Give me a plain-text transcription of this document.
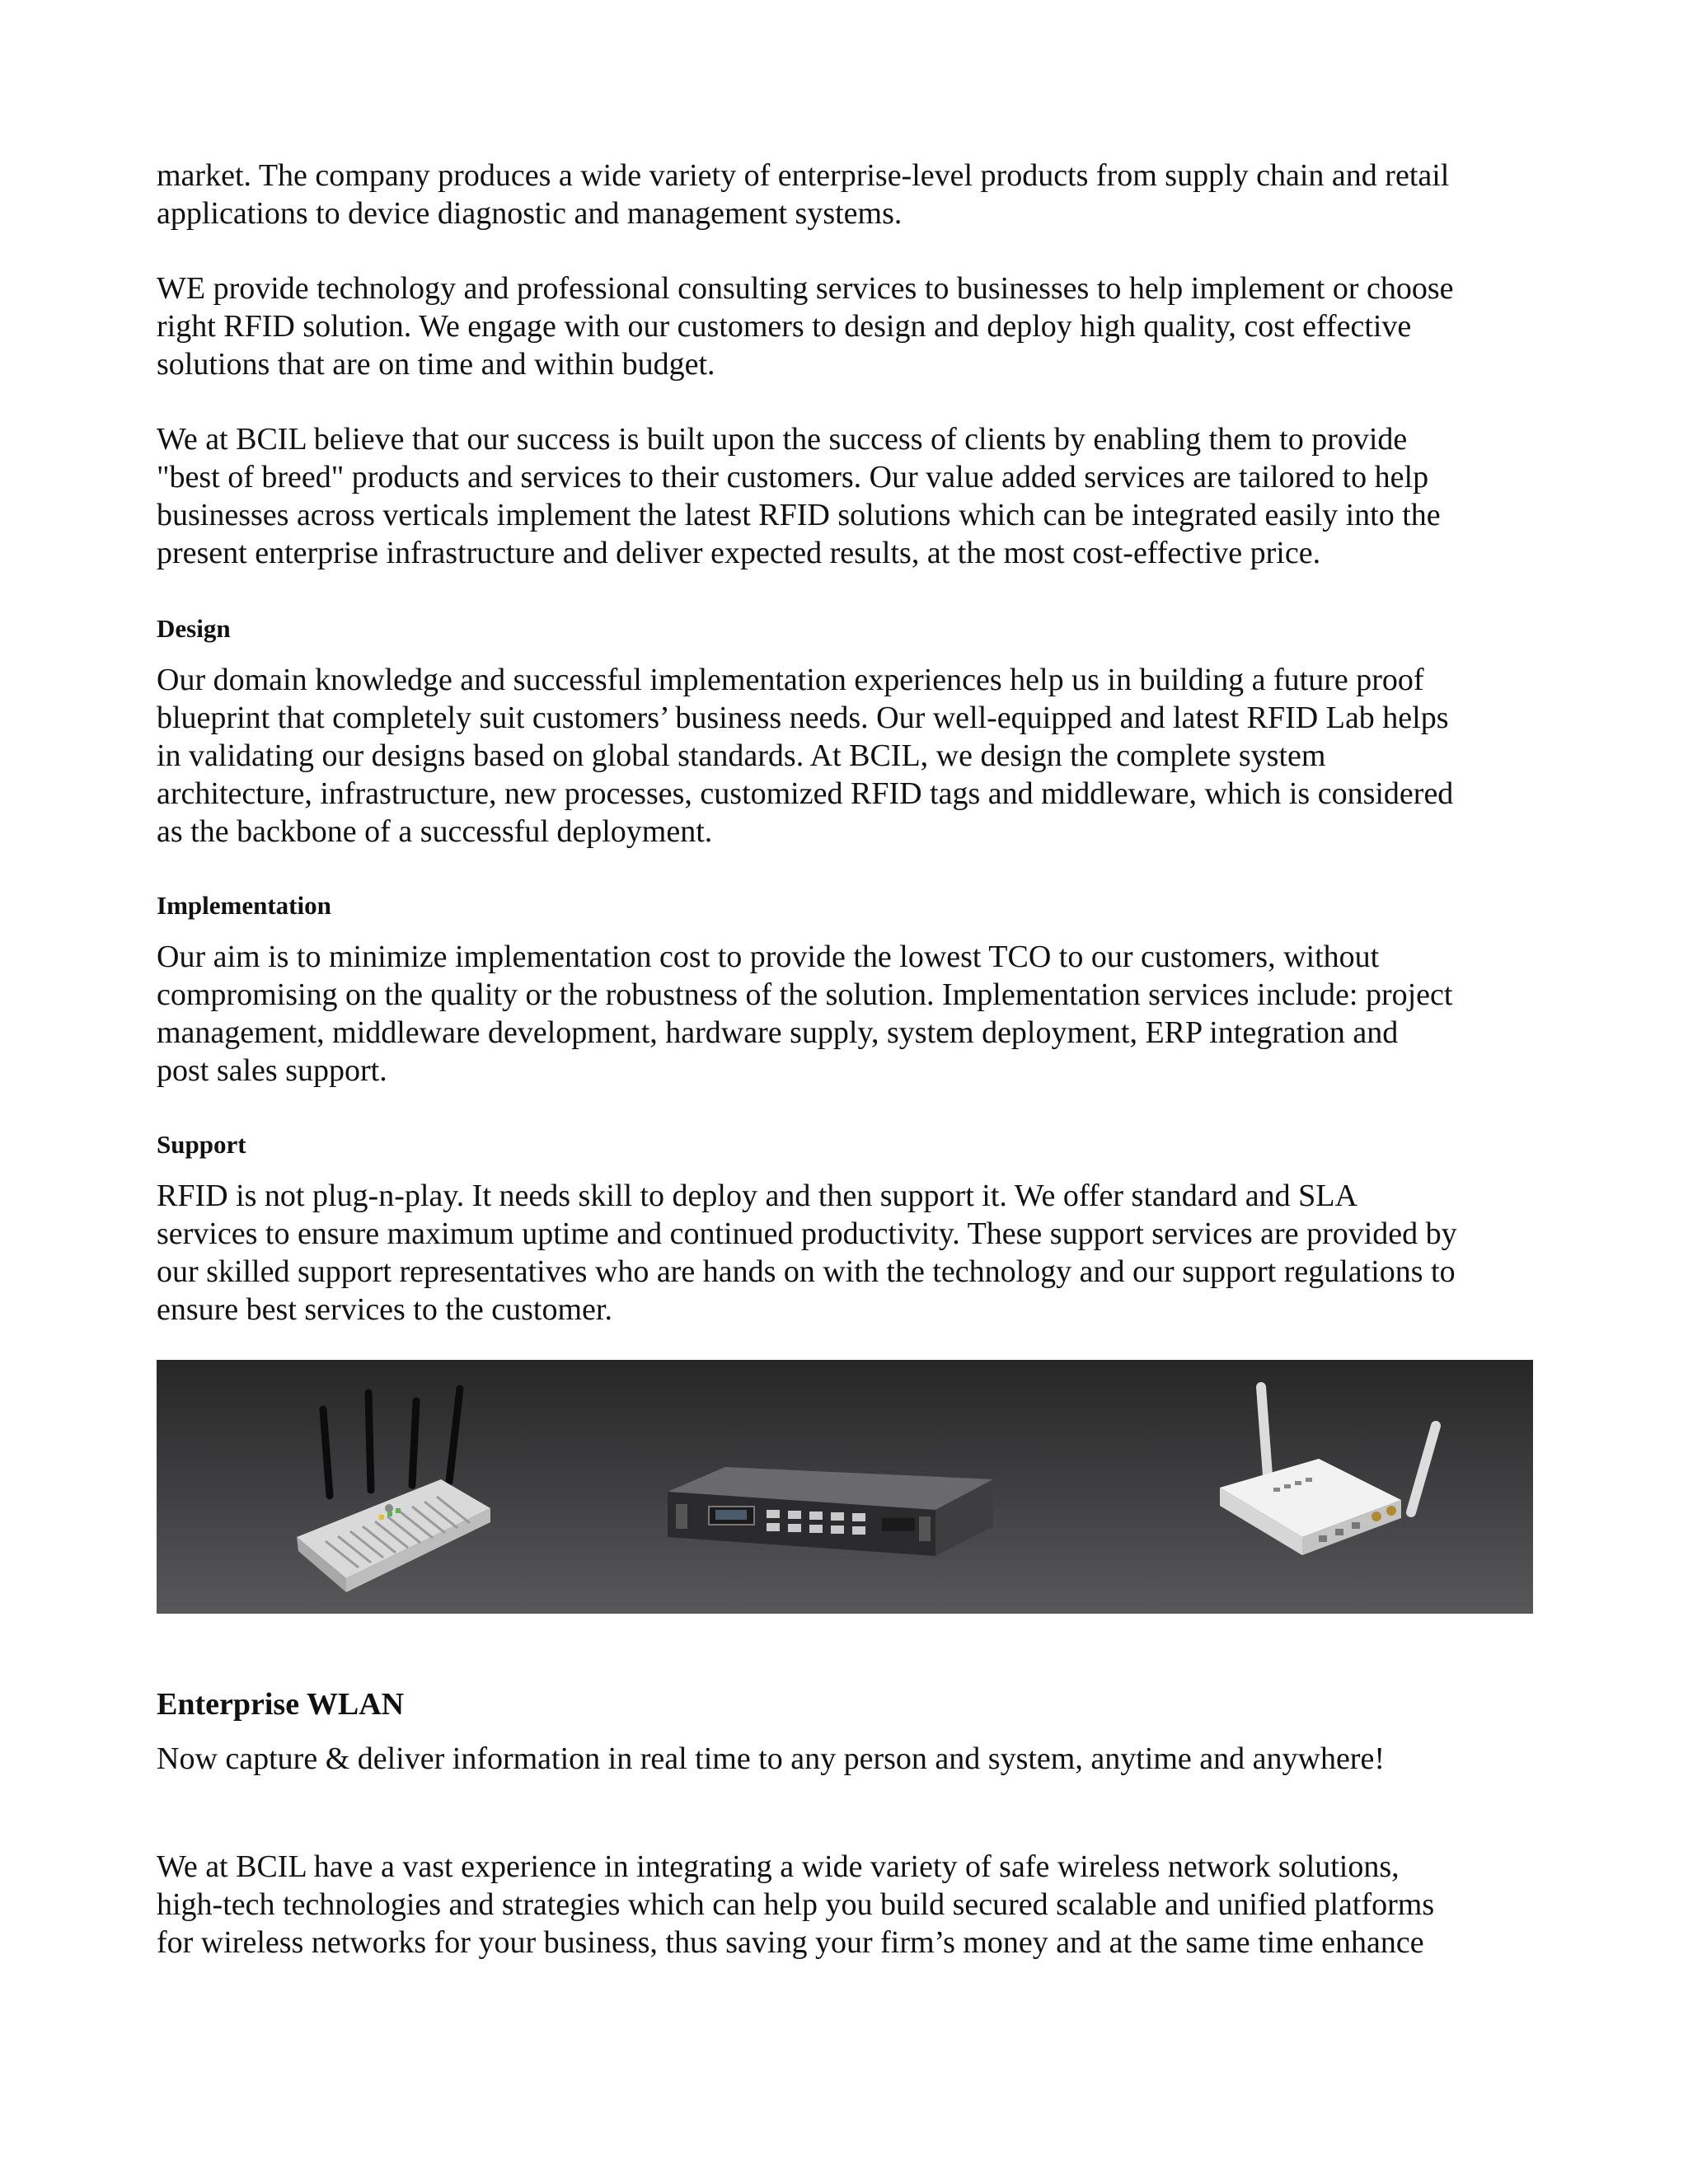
market. The company produces a wide variety of enterprise-level products from supply chain and retail
applications to device diagnostic and management systems.

WE provide technology and professional consulting services to businesses to help implement or choose
right RFID solution. We engage with our customers to design and deploy high quality, cost effective
solutions that are on time and within budget.

We at BCIL believe that our success is built upon the success of clients by enabling them to provide
"best of breed" products and services to their customers. Our value added services are tailored to help
businesses across verticals implement the latest RFID solutions which can be integrated easily into the
present enterprise infrastructure and deliver expected results, at the most cost-effective price.

Design

Our domain knowledge and successful implementation experiences help us in building a future proof
blueprint that completely suit customers’ business needs. Our well-equipped and latest RFID Lab helps
in validating our designs based on global standards. At BCIL, we design the complete system
architecture, infrastructure, new processes, customized RFID tags and middleware, which is considered
as the backbone of a successful deployment.

Implementation

Our aim is to minimize implementation cost to provide the lowest TCO to our customers, without
compromising on the quality or the robustness of the solution. Implementation services include: project
management, middleware development, hardware supply, system deployment, ERP integration and
post sales support.

Support

RFID is not plug-n-play. It needs skill to deploy and then support it. We offer standard and SLA
services to ensure maximum uptime and continued productivity. These support services are provided by
our skilled support representatives who are hands on with the technology and our support regulations to
ensure best services to the customer.

Enterprise WLAN

Now capture & deliver information in real time to any person and system, anytime and anywhere!

We at BCIL have a vast experience in integrating a wide variety of safe wireless network solutions,
high-tech technologies and strategies which can help you build secured scalable and unified platforms
for wireless networks for your business, thus saving your firm’s money and at the same time enhance
